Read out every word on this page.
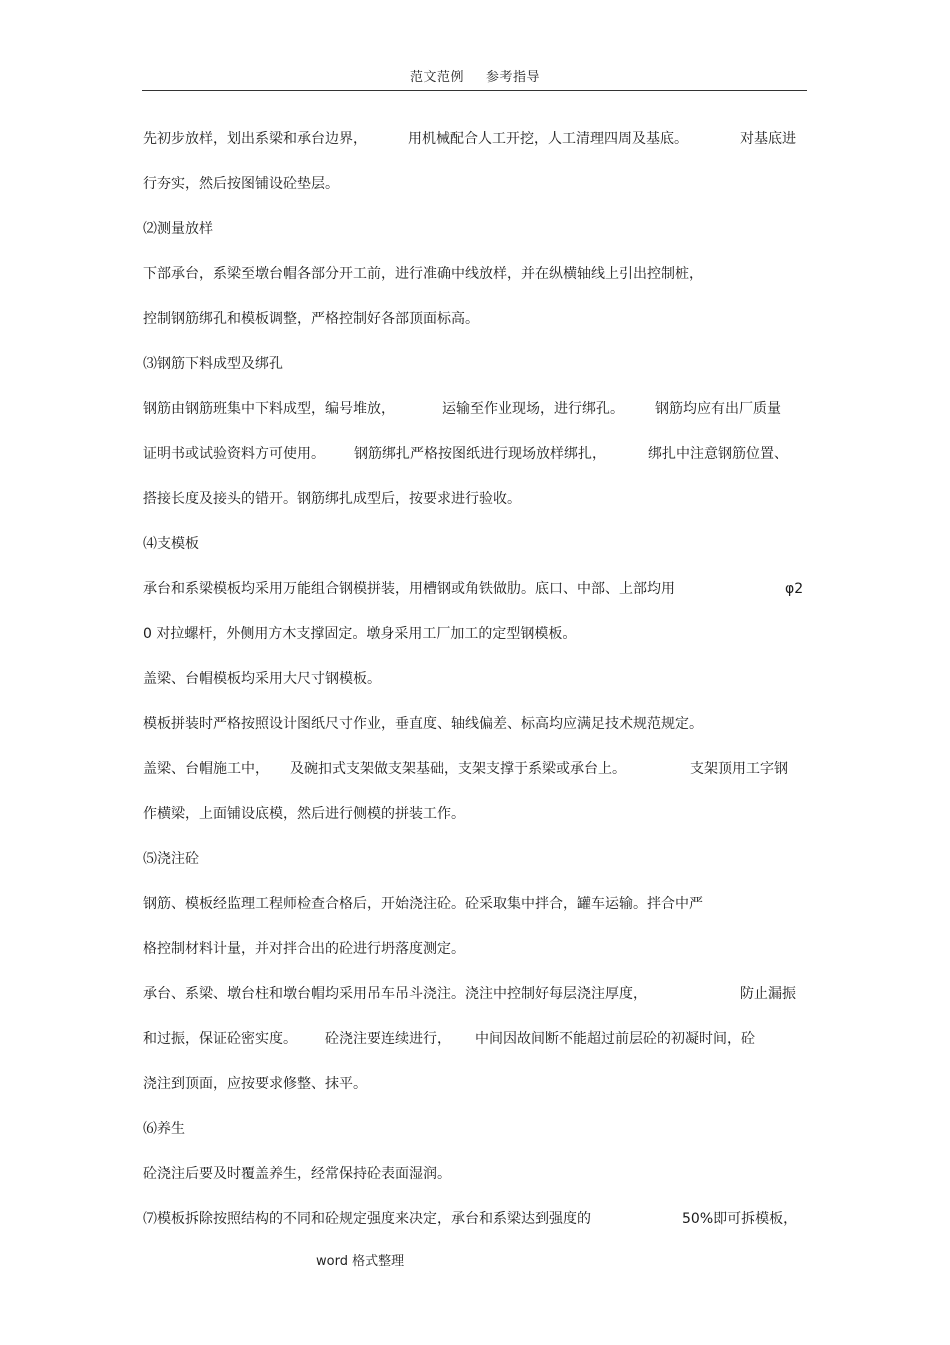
范文范例 参考指导
先初步放样，划出系梁和承台边界，	用机械配合人工开挖，人工清理四周及基底。	对基底进
行夯实，然后按图铺设砼垫层。
⑵测量放样
下部承台，系梁至墩台帽各部分开工前，进行准确中线放样，并在纵横轴线上引出控制桩，
控制钢筋绑孔和模板调整，严格控制好各部顶面标高。
⑶钢筋下料成型及绑孔
钢筋由钢筋班集中下料成型，编号堆放，	运输至作业现场，进行绑孔。 钢筋均应有出厂质量
证明书或试验资料方可使用。 钢筋绑扎严格按图纸进行现场放样绑扎，	绑扎中注意钢筋位置、
搭接长度及接头的错开。钢筋绑扎成型后，按要求进行验收。
⑷支模板
承台和系梁模板均采用万能组合钢模拼装，用槽钢或角铁做肋。底口、中部、上部均用	φ2
0 对拉螺杆，外侧用方木支撑固定。墩身采用工厂加工的定型钢模板。
盖梁、台帽模板均采用大尺寸钢模板。
模板拼装时严格按照设计图纸尺寸作业，垂直度、轴线偏差、标高均应满足技术规范规定。
盖梁、台帽施工中， 及碗扣式支架做支架基础，支架支撑于系梁或承台上。	支架顶用工字钢
作横梁，上面铺设底模，然后进行侧模的拼装工作。
⑸浇注砼
钢筋、模板经监理工程师检查合格后，开始浇注砼。砼采取集中拌合，罐车运输。拌合中严
格控制材料计量，并对拌合出的砼进行坍落度测定。
承台、系梁、墩台柱和墩台帽均采用吊车吊斗浇注。浇注中控制好每层浇注厚度，	防止漏振
和过振，保证砼密实度。 砼浇注要连续进行， 中间因故间断不能超过前层砼的初凝时间，砼
浇注到顶面，应按要求修整、抹平。
⑹养生
砼浇注后要及时覆盖养生，经常保持砼表面湿润。
⑺模板拆除按照结构的不同和砼规定强度来决定，承台和系梁达到强度的	50%即可拆模板，
word 格式整理
